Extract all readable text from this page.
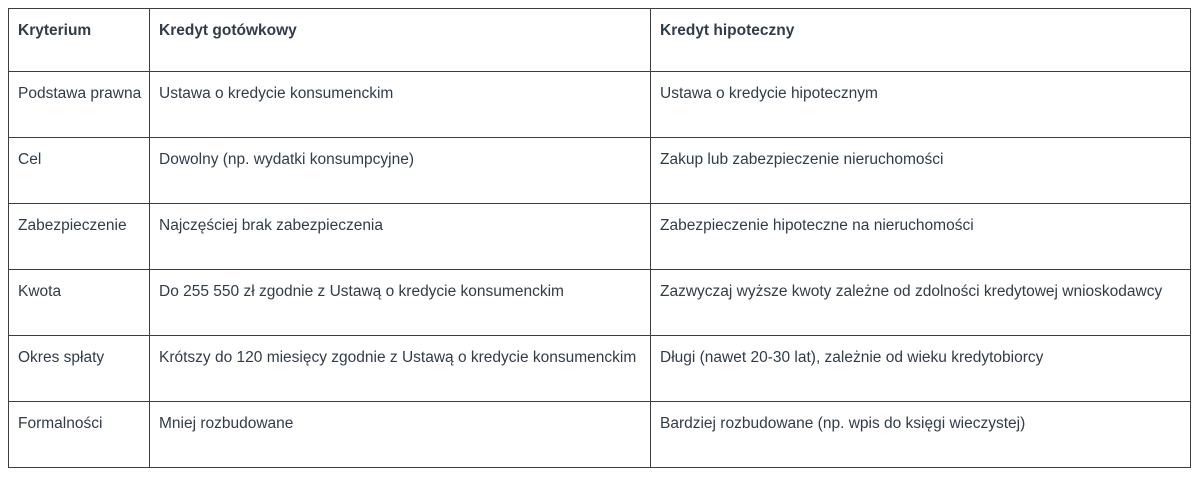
Kryterium	Kredyt gotówkowy	Kredyt hipoteczny
Podstawa prawna	Ustawa o kredycie konsumenckim	Ustawa o kredycie hipotecznym
Cel	Dowolny (np. wydatki konsumpcyjne)	Zakup lub zabezpieczenie nieruchomości
Zabezpieczenie	Najczęściej brak zabezpieczenia	Zabezpieczenie hipoteczne na nieruchomości
Kwota	Do 255 550 zł zgodnie z Ustawą o kredycie konsumenckim	Zazwyczaj wyższe kwoty zależne od zdolności kredytowej wnioskodawcy
Okres spłaty	Krótszy do 120 miesięcy zgodnie z Ustawą o kredycie konsumenckim	Długi (nawet 20-30 lat), zależnie od wieku kredytobiorcy
Formalności	Mniej rozbudowane	Bardziej rozbudowane (np. wpis do księgi wieczystej)
